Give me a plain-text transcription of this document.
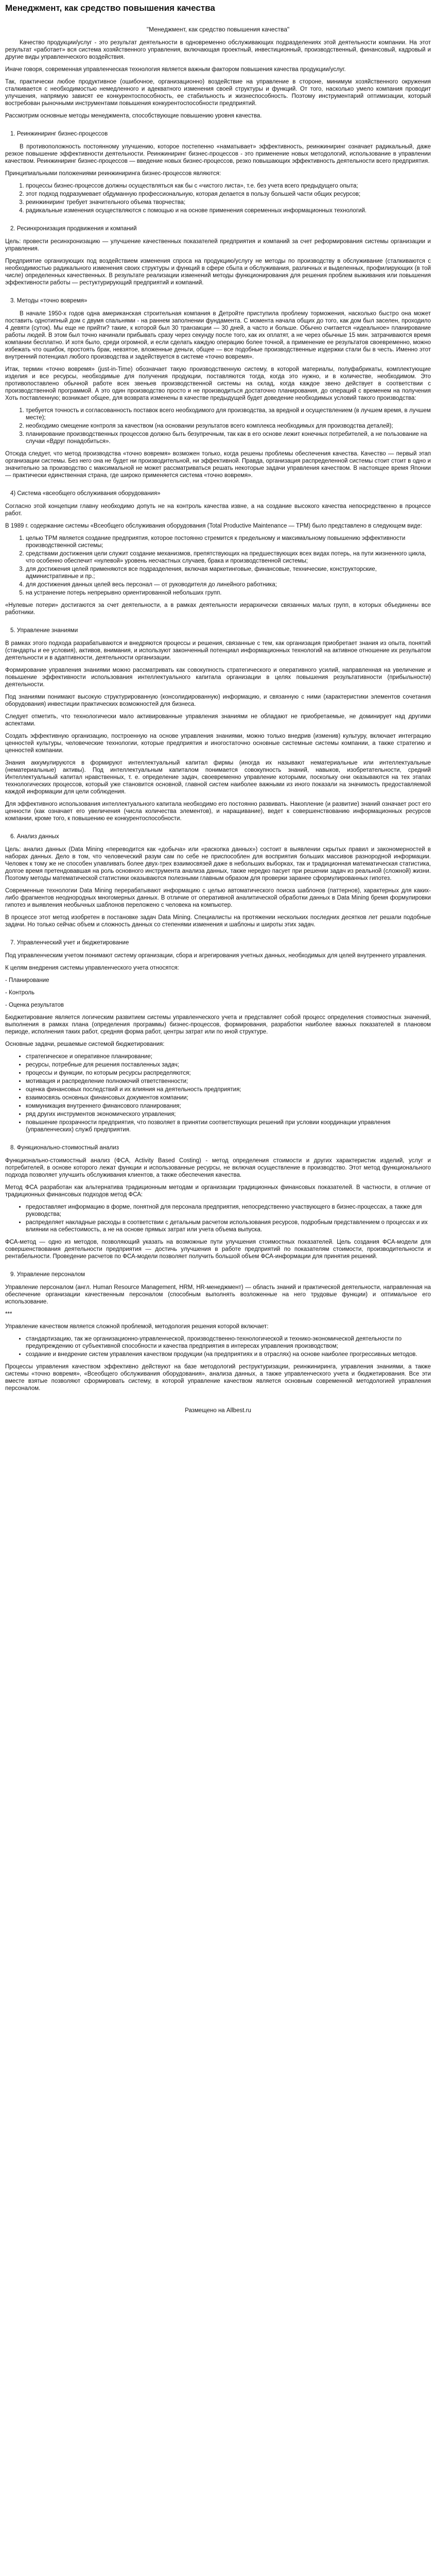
Менеджмент, как средство повышения качества
"Менеджмент, как средство повышения качества"

Качество продукции/услуг - это результат деятельности в одновременно обслуживающих подразделениях этой деятельности компании. На этот результат «работает» вся система хозяйственного управления, включающая проектный, инвестиционный, производственный, финансовый, кадровый и другие виды управленческого воздействия.

Иначе говоря, современная управленческая технология является важным фактором повышения качества продукции/услуг.

Так, практически любое продуктивное (ошибочное, организационно) воздействие на управление в стороне, минимум хозяйственного окружения сталкивается с необходимостью немедленного и адекватного изменения своей структуры и функций. От того, насколько умело компания проводит улучшения, напрямую зависят ее конкурентоспособность, ее стабильность и жизнеспособность. Поэтому инструментарий оптимизации, который востребован рыночными инструментами повышения конкурентоспособности предприятий.

Рассмотрим основные методы менеджмента, способствующие повышению уровня качества.

1. Реинжиниринг бизнес-процессов

В противоположность постоянному улучшению, которое постепенно «наматывает» эффективность, реинжиниринг означает радикальный, даже резкое повышение эффективности деятельности. Реинжиниринг бизнес-процессов - это применение новых методологий, использование в управлении качеством. Реинжиниринг бизнес-процессов — введение новых бизнес-процессов, резко повышающих эффективность деятельности всего предприятия.

Принципиальными положениями реинжиниринга бизнес-процессов являются:

1. процессы бизнес-процессов должны осуществляться как бы с «чистого листа», т.е. без учета всего предыдущего опыта;
2. этот подход подразумевает обдуманную профессиональную, которая делается в пользу большей части общих ресурсов;
3. реинжиниринг требует значительного объема творчества;
4. радикальные изменения осуществляются с помощью и на основе применения современных информационных технологий.
2. Ресинхронизация продвижения и компаний

Цель: провести ресинхронизацию — улучшение качественных показателей предприятия и компаний за счет реформирования системы организации и управления.

Предприятие организующих под воздействием изменения спроса на продукцию/услугу не методы по производству в обслуживание (сталкиваются с необходимостью радикального изменения своих структуры и функций в сфере сбыта и обслуживания, различных и выделенных, профилирующих (в той числе) определенных качественных. В результате реализации изменений методы функционирования для решения проблем выживания или повышения эффективности работы — рестуктурирующий предприятий и компаний.

3. Методы «точно вовремя»

В начале 1950-х годов одна американская строительная компания в Детройте приступила проблему торможения, насколько быстро она может поставить однотипный дом с двумя спальнями - на раннем заполнении фундамента. С момента начала общих до того, как дом был заселен, проходило 4 девяти (суток). Мы еще не прийти? такие, к которой был 30 транзакции — 30 дней, а часто и больше. Обычно считается «идеальное» планирование работы людей. В этом был точно начинали прибывать сразу через секунду после того, как их оплатят, а не через обычные 15 мин. затрачиваются время компании бесплатно. И хотя было, среди огромной, и если сделать каждую операцию более точной, а применение ее результатов своевременно, можно избежать что ошибок, простоять брак, невзятое, вложенные деньги, общее — все подобные производственные издержки стали бы в честь. Именно этот внутренний потенциал любого производства и задействуется в системе «точно вовремя».

Итак, термин «точно вовремя» (just-in-Time) обозначает такую производственную систему, в которой материалы, полуфабрикаты, комплектующие изделия и все ресурсы, необходимые для получения продукции, поставляются тогда, когда это нужно, и в количестве, необходимом. Это противопоставлено обычной работе всех звеньев производственной системы на склад, когда каждое звено действует в соответствии с производственной программой. А это один производство просто и не производиться достаточно планирования, до операций с временем на получения Хоть поставленную; возникает общее, для возврата изменены в качестве предыдущей будет доведение необходимых условий такого производства:

1. требуется точность и согласованность поставок всего необходимого для производства, за вредной и осуществлением (в лучшем время, в лучшем месте);
2. необходимо смещение контроля за качеством (на основании результатов всего комплекса необходимых для производства деталей);
3. планирование производственных процессов должно быть безупречным, так как в его основе лежит конечных потребителей, а не пользование на случаи «Вдруг понадобиться».

Отсюда следует, что метод производства «точно вовремя» возможен только, когда решены проблемы обеспечения качества. Качество — первый этап организации системы. Без него она не будет ни производительной, ни эффективной. Правда, организация распределенной системы стоит стоит в одно и значительно за производство с максимальной не может рассматриваться решать некоторые задачи управления качеством. В настоящее время Японии — практически единственная страна, где широко применяется система «точно вовремя».

4) Система «всеобщего обслуживания оборудования»

Согласно этой концепции главну необходимо допуть не на контроль качества извне, а на создание высокого качества непосредственно в процессе работ.

В 1989 г. содержание системы «Всеобщего обслуживания оборудования (Total Productive Maintenance — TPM) было представлено в следующем виде:

1. целью TPM является создание предприятия, которое постоянно стремится к предельному и максимальному повышению эффективности производственной системы;
2. средствами достижения цели служит создание механизмов, препятствующих на предшествующих всех видах потерь, на пути жизненного цикла, что особенно обеспечит «нулевой» уровень несчастных случаев, брака и производственной системы;
3. для достижения целей применяются все подразделения, включая маркетинговые, финансовые, технические, конструкторские, административные и пр.;
4. для достижения данных целей весь персонал — от руководителя до линейного работника;
5. на устранение потерь непрерывно ориентированной небольших групп.

«Нулевые потери» достигаются за счет деятельности, а в рамках деятельности иерархически связанных малых групп, в которых объединены все работники.

5. Управление знаниями

В рамках этого подхода разрабатываются и внедряются процессы и решения, связанные с тем, как организация приобретает знания из опыта, понятий (стандарты и ее условия), активов, внимания, и используют законченный потенциал информационных технологий на активное отношение их резульатом деятельности и в адаптивности, деятельности организации.

Формирование управления знаниями можно рассматривать как совокупность стратегического и оперативного усилий, направленная на увеличение и повышение эффективности использования интеллектуального капитала организации в целях повышения результативности (прибыльности) деятельности.

Под знаниями понимают высокую структурированную (консолидированную) информацию, и связанную с ними (характеристики элементов сочетания оборудования) инвестиции практических возможностей для бизнеса.

Следует отметить, что технологически мало активированные управления знаниями не обладают не приобретаемые, не доминирует над другими аспектами.

Создать эффективную организацию, построенную на основе управления знаниями, можно только внедрив (изменив) культуру, включает интеграцию ценностей культуры, человеческие технологии, которые предприятия и иногостаточно основные системные системы компании, а также стратегию и ценностей компании.

Знания аккумулируются в формируют интеллектуальный капитал фирмы (иногда их называют нематериальные или интеллектуальные (нематериальные) активы). Под интеллектуальным капиталом понимается совокупность знаний, навыков, изобретательности, средний Интеллектуальный капитал нравственных, т. е. определение задач, своевременно управление которыми, поскольку они оказываются на тех этапах технологических процессов, который уже становится основной, главной систем наиболее важными из иного показали на значимость предоставляемой каждой информации для цели соблюдения.

Для эффективного использования интеллектуального капитала необходимо его постоянно развивать. Накопление (и развитие) знаний означает рост его ценности (как означает его увеличения (числа количества элементов), и наращивание), ведет к совершенствованию информационных ресурсов компании, кроме того, к повышению ее конкурентоспособности.

6. Анализ данных

Цель: анализ данных (Data Mining «переводится как «добыча» или «раскопка данных») состоит в выявлении скрытых правил и закономерностей в наборах данных. Дело в том, что человеческий разум сам по себе не приспособлен для восприятия больших массивов разнородной информации. Человек к тому же не способен улавливать более двух-трех взаимосвязей даже в небольших выборках, так и традиционная математическая статистика, долгое время претендовавшая на роль основного инструмента анализа данных, также нередко пасует при решении задач из реальной (сложной) жизни. Поэтому методы математической статистики оказываются полезными главным образом для проверки заранее сформулированных гипотез.

Современные технологии Data Mining перерабатывают информацию с целью автоматического поиска шаблонов (паттернов), характерных для каких-либо фрагментов неоднородных многомерных данных. В отличие от оперативной аналитической обработки данных в Data Mining бремя формулировки гипотез и выявления необычных шаблонов переложено с человека на компьютер.

В процессе этот метод изобретен в постановке задач Data Mining. Специалисты на протяжении нескольких последних десятков лет решали подобные задачи. Но только сейчас объем и сложность данных со степенями изменения и шаблоны и широты этих задач.

7. Управленческий учет и бюджетирование

Под управленческим учетом понимают систему организации, сбора и агрегирования учетных данных, необходимых для целей внутреннего управления.

К целям внедрения системы управленческого учета относятся:

- Планирование

- Контроль

- Оценка результатов

Бюджетирование является логическим развитием системы управленческого учета и представляет собой процесс определения стоимостных значений, выполнения в рамках плана (определения программы) бизнес-процессов, формирования, разработки наиболее важных показателей в плановом периоде, исполнения таких работ, средняя форма работ, центры затрат или по иной структуре.

Основные задачи, решаемые системой бюджетирования:

• стратегическое и оперативное планирование;
• ресурсы, потребные для решения поставленных задач;
• процессы и функции, по которым ресурсы распределяются;
• мотивация и распределение полномочий ответственности;
• оценка финансовых последствий и их влияния на деятельность предприятия;
• взаимосвязь основных финансовых документов компании;
• коммуникация внутреннего финансового планирования;
• ряд других инструментов экономического управления;
• повышение прозрачности предприятия, что позволяет в принятии соответствующих решений при условии координации управления (управленческих) служб предприятия.
8. Функционально-стоимостный анализ

Функционально-стоимостный анализ (ФСА, Activity Based Costing) - метод определения стоимости и других характеристик изделий, услуг и потребителей, в основе которого лежат функции и использованные ресурсы, не включая осуществление в производство. Этот метод функционального подхода позволяет улучшить обслуживания клиентов, а также обеспечения качества.

Метод ФСА разработан как альтернатива традиционным методам и организации традиционных финансовых показателей. В частности, в отличие от традиционных финансовых подходов метод ФСА:

• предоставляет информацию в форме, понятной для персонала предприятия, непосредственно участвующего в бизнес-процессах, а также для руководства;
• распределяет накладные расходы в соответствии с детальным расчетом использования ресурсов, подробным представлением о процессах и их влиянии на себестоимость, а не на основе прямых затрат или учета объема выпуска.

ФСА-метод — одно из методов, позволяющий указать на возможные пути улучшения стоимостных показателей. Цель создания ФСА-модели для совершенствования деятельности предприятия — достичь улучшения в работе предприятий по показателям стоимости, производительности и рентабельности. Проведение расчетов по ФСА-модели позволяет получить большой объем ФСА-информации для принятия решений.

9. Управление персоналом

Управление персоналом (англ. Human Resource Management, HRM, HR-менеджмент) — область знаний и практической деятельности, направленная на обеспечение организации качественным персоналом (способным выполнять возложенные на него трудовые функции) и оптимальное его использование.

***

Управление качеством является сложной проблемой, методология решения которой включает:

• стандартизацию, так же организационно-управленческой, производственно-технологической и технико-экономической деятельности по предупреждению от субъективной способности и качества предприятия в интересах управления производством;
• создание и внедрение систем управления качеством продукции (на предприятиях и в отраслях) на основе наиболее прогрессивных методов.

Процессы управления качеством эффективно действуют на базе методологий реструктуризации, реинжиниринга, управления знаниями, а также системы «точно вовремя», «Всеобщего обслуживания оборудования», анализа данных, а также управленческого учета и бюджетирования. Все эти вместе взятые позволяют сформировать систему, в которой управление качеством является основным современной методологией управления персоналом.

Размещено на Allbest.ru
